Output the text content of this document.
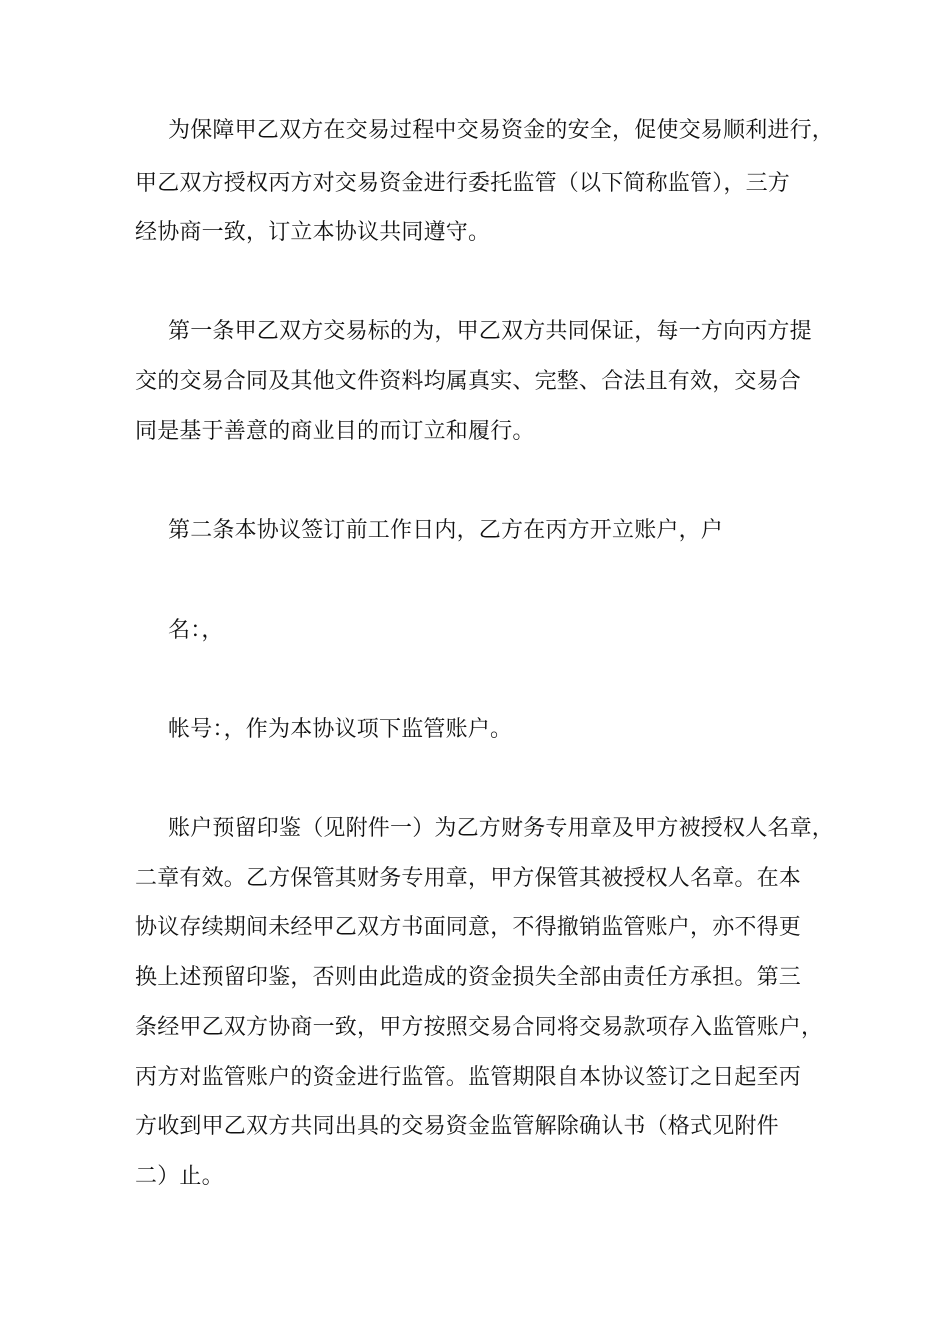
为保障甲乙双方在交易过程中交易资金的安全，促使交易顺利进行，
甲乙双方授权丙方对交易资金进行委托监管（以下简称监管），三方
经协商一致，订立本协议共同遵守。
第一条甲乙双方交易标的为，甲乙双方共同保证，每一方向丙方提
交的交易合同及其他文件资料均属真实、完整、合法且有效，交易合
同是基于善意的商业目的而订立和履行。
第二条本协议签订前工作日内，乙方在丙方开立账户，户
名：，
帐号：，作为本协议项下监管账户。
账户预留印鉴（见附件一）为乙方财务专用章及甲方被授权人名章，
二章有效。乙方保管其财务专用章，甲方保管其被授权人名章。在本
协议存续期间未经甲乙双方书面同意，不得撤销监管账户，亦不得更
换上述预留印鉴，否则由此造成的资金损失全部由责任方承担。第三
条经甲乙双方协商一致，甲方按照交易合同将交易款项存入监管账户，
丙方对监管账户的资金进行监管。监管期限自本协议签订之日起至丙
方收到甲乙双方共同出具的交易资金监管解除确认书（格式见附件
二）止。
